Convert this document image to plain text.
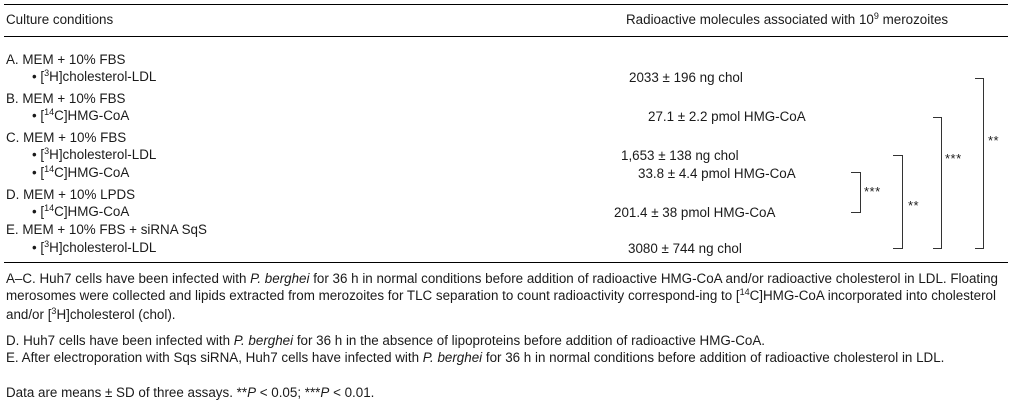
Culture conditions	Radioactive molecules associated with $10^9$ merozoites
A. MEM + 10% FBS
• [$^3$H]cholesterol-LDL	2033 ± 196 ng chol
B. MEM + 10% FBS
• [$^{14}$C]HMG-CoA	27.1 ± 2.2 pmol HMG-CoA
C. MEM + 10% FBS
• [$^3$H]cholesterol-LDL	1,653 ± 138 ng chol
• [$^{14}$C]HMG-CoA	33.8 ± 4.4 pmol HMG-CoA
D. MEM + 10% LPDS
• [$^{14}$C]HMG-CoA	201.4 ± 38 pmol HMG-CoA
E. MEM + 10% FBS + siRNA SqS
• [$^3$H]cholesterol-LDL	3080 ± 744 ng chol
***
**
***
**
A–C. Huh7 cells have been infected with P. berghei for 36 h in normal conditions before addition of radioactive HMG-CoA and/or radioactive cholesterol in LDL. Floating merosomes were collected and lipids extracted from merozoites for TLC separation to count radioactivity correspond-ing to [$^{14}$C]HMG-CoA incorporated into cholesterol and/or [$^3$H]cholesterol (chol).
D. Huh7 cells have been infected with P. berghei for 36 h in the absence of lipoproteins before addition of radioactive HMG-CoA.
E. After electroporation with Sqs siRNA, Huh7 cells have infected with P. berghei for 36 h in normal conditions before addition of radioactive cholesterol in LDL.
Data are means ± SD of three assays. **P < 0.05; ***P < 0.01.
